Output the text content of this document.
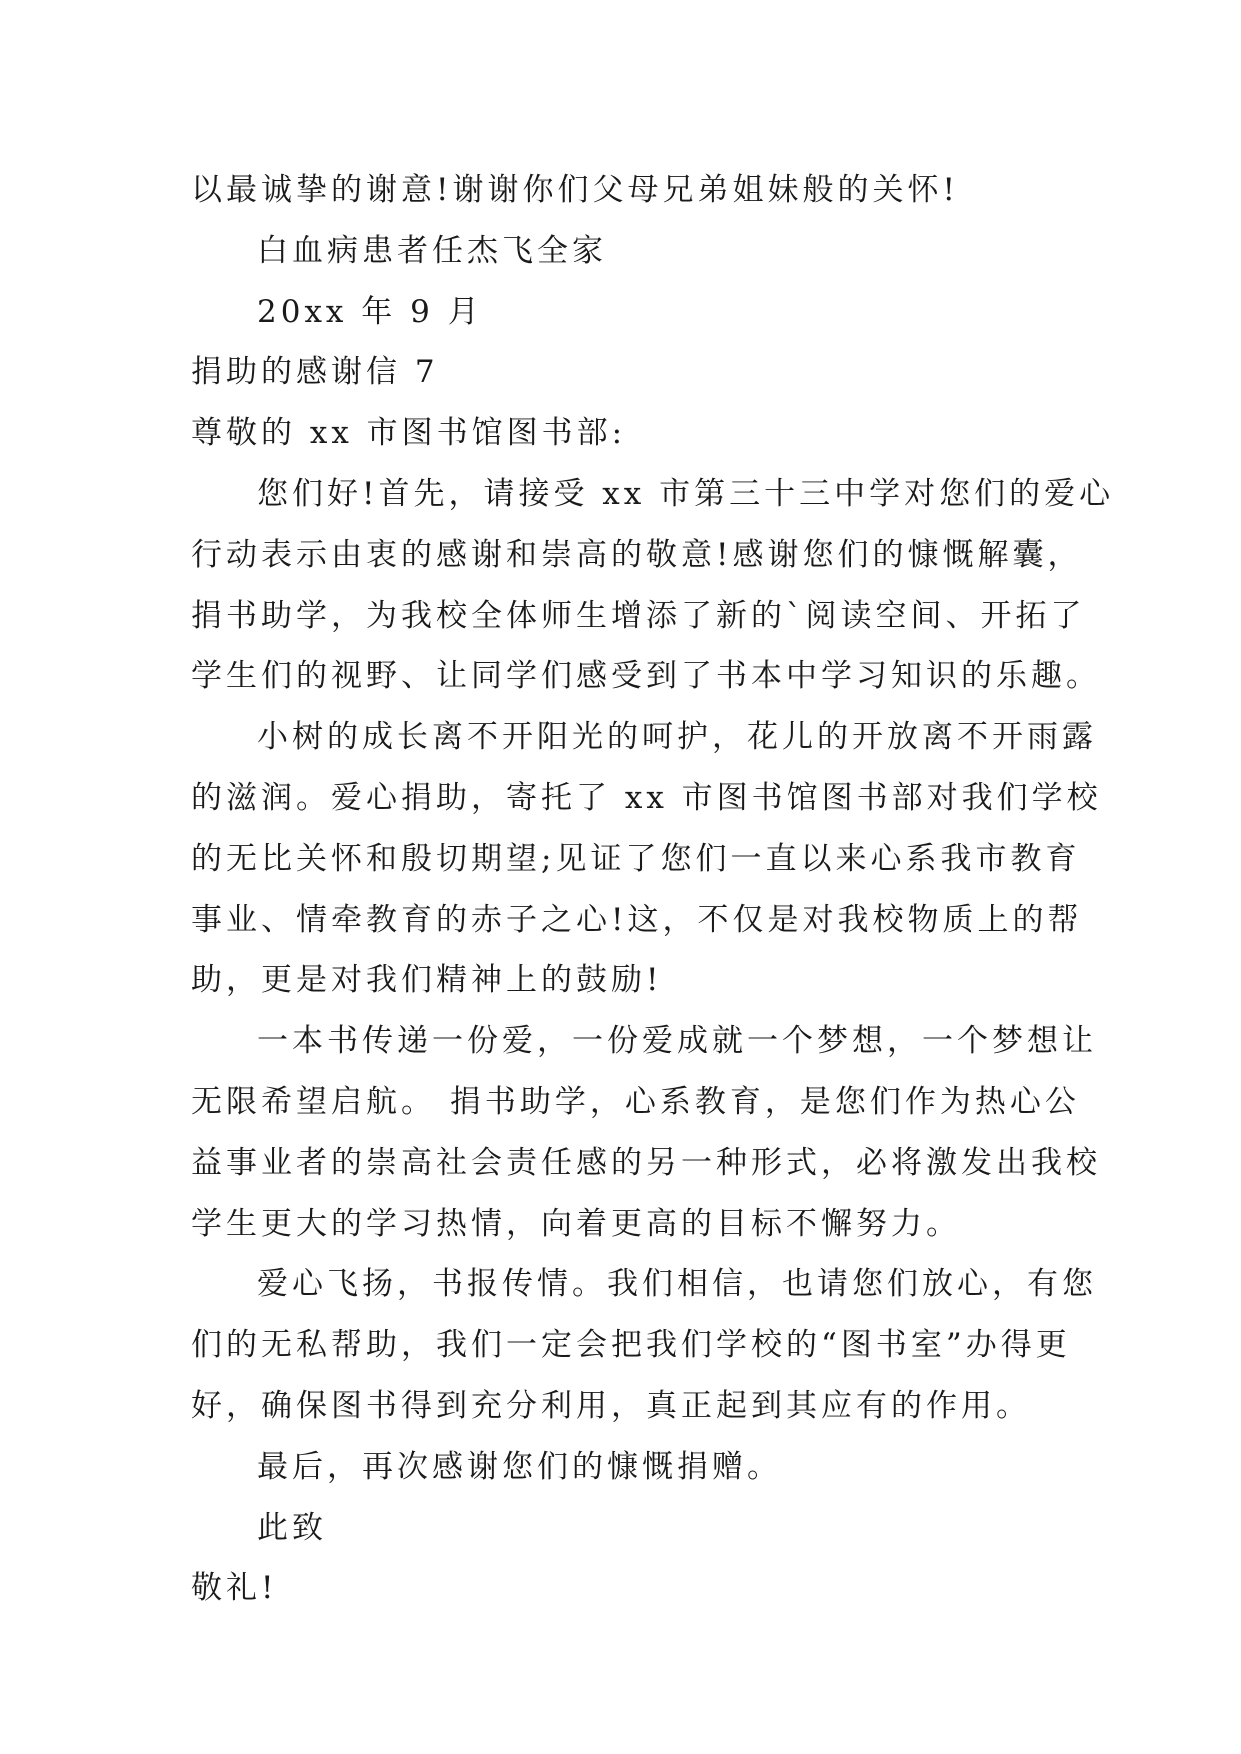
以最诚挚的谢意!谢谢你们父母兄弟姐妹般的关怀!
白血病患者任杰飞全家
20xx 年 9 月
捐助的感谢信 7
尊敬的 xx 市图书馆图书部:
您们好!首先，请接受 xx 市第三十三中学对您们的爱心
行动表示由衷的感谢和崇高的敬意!感谢您们的慷慨解囊，
捐书助学，为我校全体师生增添了新的`阅读空间、开拓了
学生们的视野、让同学们感受到了书本中学习知识的乐趣。
小树的成长离不开阳光的呵护，花儿的开放离不开雨露
的滋润。爱心捐助，寄托了 xx 市图书馆图书部对我们学校
的无比关怀和殷切期望;见证了您们一直以来心系我市教育
事业、情牵教育的赤子之心!这，不仅是对我校物质上的帮
助，更是对我们精神上的鼓励!
一本书传递一份爱，一份爱成就一个梦想，一个梦想让
无限希望启航。 捐书助学，心系教育，是您们作为热心公
益事业者的崇高社会责任感的另一种形式，必将激发出我校
学生更大的学习热情，向着更高的目标不懈努力。
爱心飞扬，书报传情。我们相信，也请您们放心，有您
们的无私帮助，我们一定会把我们学校的“图书室”办得更
好，确保图书得到充分利用，真正起到其应有的作用。
最后，再次感谢您们的慷慨捐赠。
此致
敬礼!
